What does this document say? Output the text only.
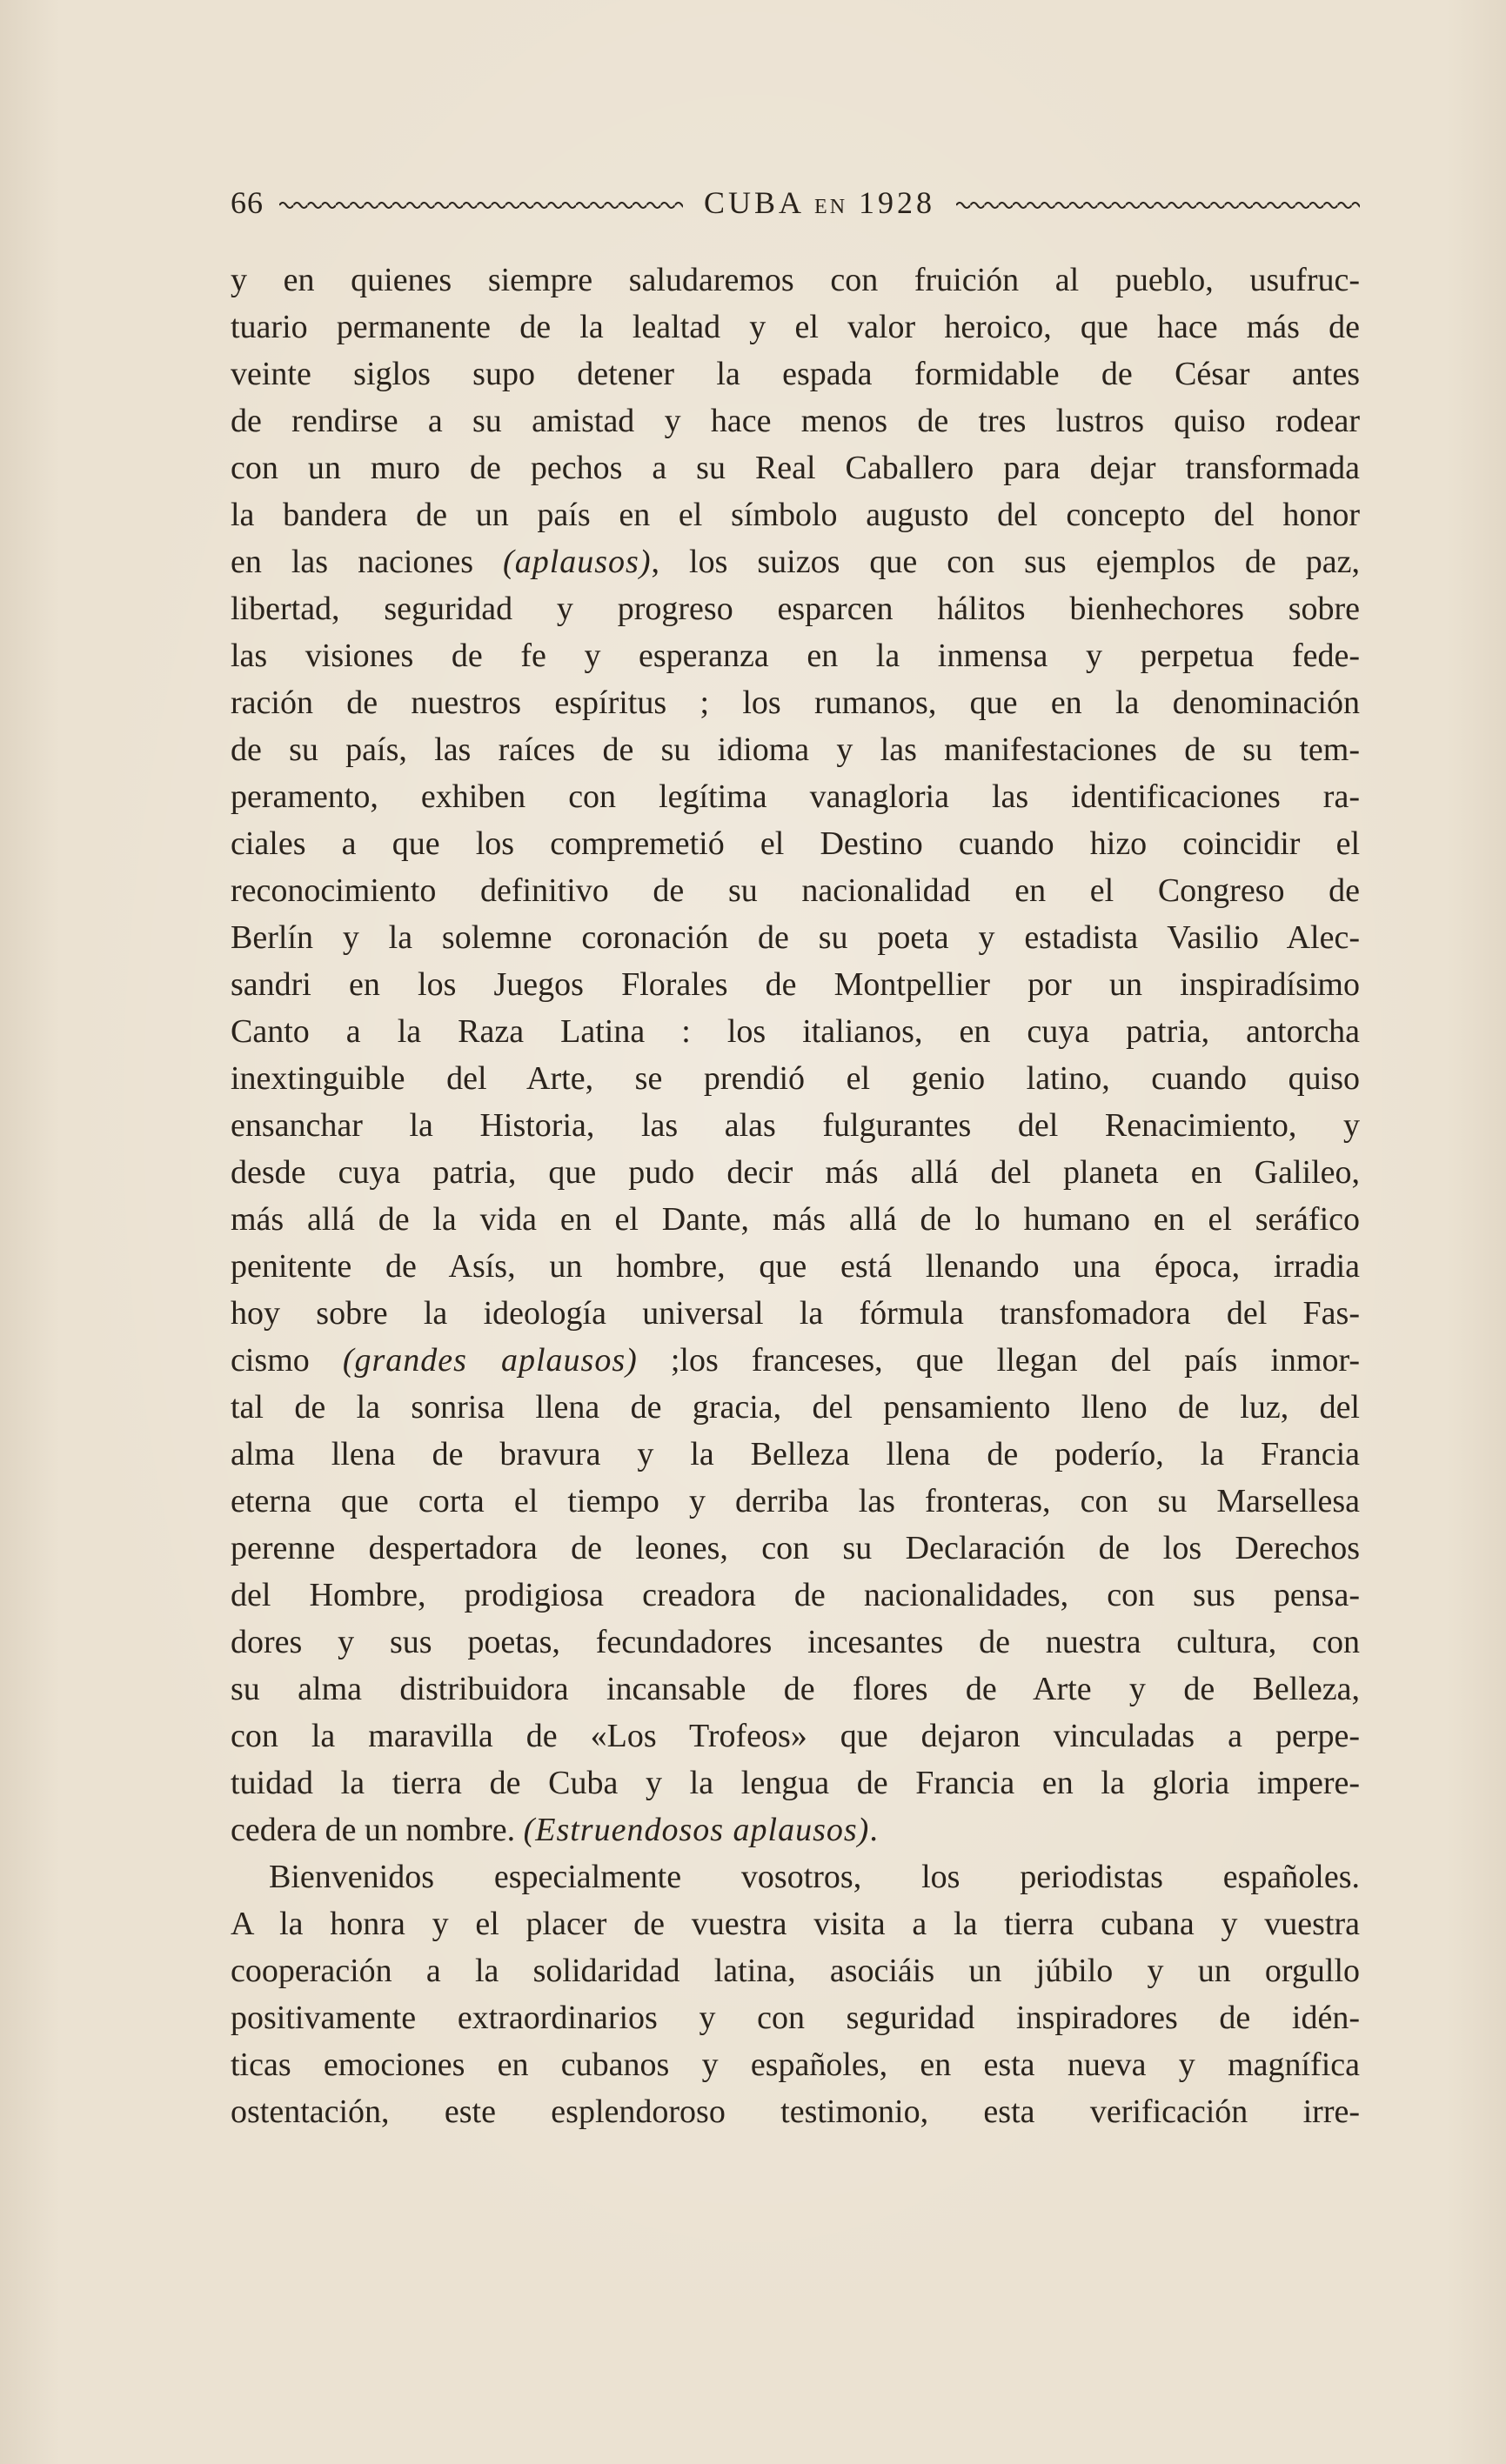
66	CUBA EN 1928
y en quienes siempre saludaremos con fruición al pueblo, usufruc-
tuario permanente de la lealtad y el valor heroico, que hace más de
veinte siglos supo detener la espada formidable de César antes
de rendirse a su amistad y hace menos de tres lustros quiso rodear
con un muro de pechos a su Real Caballero para dejar transformada
la bandera de un país en el símbolo augusto del concepto del honor
en las naciones (aplausos), los suizos que con sus ejemplos de paz,
libertad, seguridad y progreso esparcen hálitos bienhechores sobre
las visiones de fe y esperanza en la inmensa y perpetua fede-
ración de nuestros espíritus ; los rumanos, que en la denominación
de su país, las raíces de su idioma y las manifestaciones de su tem-
peramento, exhiben con legítima vanagloria las identificaciones ra-
ciales a que los compremetió el Destino cuando hizo coincidir el
reconocimiento definitivo de su nacionalidad en el Congreso de
Berlín y la solemne coronación de su poeta y estadista Vasilio Alec-
sandri en los Juegos Florales de Montpellier por un inspiradísimo
Canto a la Raza Latina : los italianos, en cuya patria, antorcha
inextinguible del Arte, se prendió el genio latino, cuando quiso
ensanchar la Historia, las alas fulgurantes del Renacimiento, y
desde cuya patria, que pudo decir más allá del planeta en Galileo,
más allá de la vida en el Dante, más allá de lo humano en el seráfico
penitente de Asís, un hombre, que está llenando una época, irradia
hoy sobre la ideología universal la fórmula transfomadora del Fas-
cismo (grandes aplausos) ;los franceses, que llegan del país inmor-
tal de la sonrisa llena de gracia, del pensamiento lleno de luz, del
alma llena de bravura y la Belleza llena de poderío, la Francia
eterna que corta el tiempo y derriba las fronteras, con su Marsellesa
perenne despertadora de leones, con su Declaración de los Derechos
del Hombre, prodigiosa creadora de nacionalidades, con sus pensa-
dores y sus poetas, fecundadores incesantes de nuestra cultura, con
su alma distribuidora incansable de flores de Arte y de Belleza,
con la maravilla de «Los Trofeos» que dejaron vinculadas a perpe-
tuidad la tierra de Cuba y la lengua de Francia en la gloria impere-
cedera de un nombre. (Estruendosos aplausos).
Bienvenidos especialmente vosotros, los periodistas españoles.
A la honra y el placer de vuestra visita a la tierra cubana y vuestra
cooperación a la solidaridad latina, asociáis un júbilo y un orgullo
positivamente extraordinarios y con seguridad inspiradores de idén-
ticas emociones en cubanos y españoles, en esta nueva y magnífica
ostentación, este esplendoroso testimonio, esta verificación irre-
